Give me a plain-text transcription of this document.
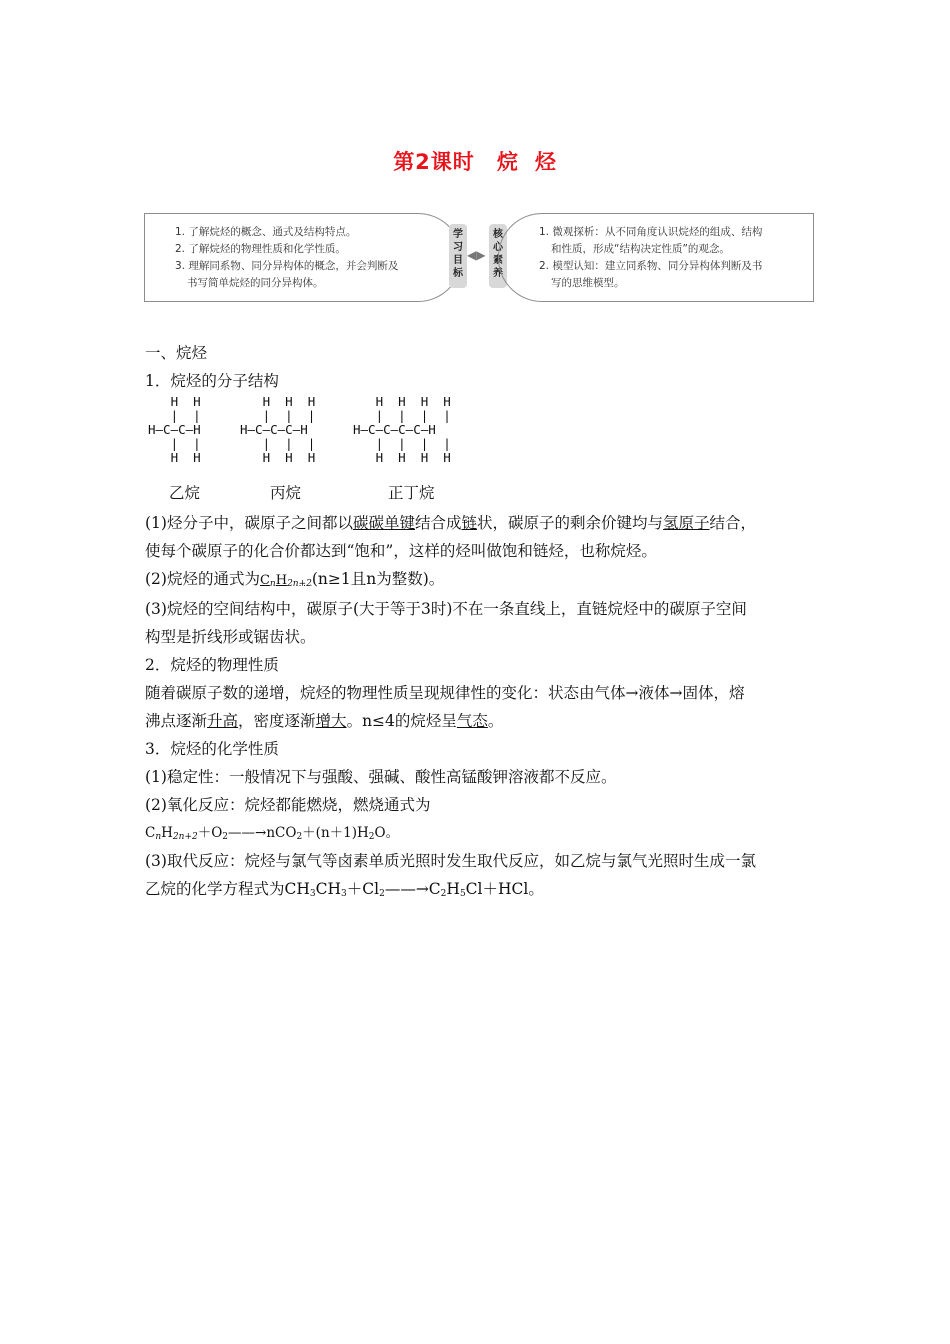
第2课时 烷 烃
1. 了解烷烃的概念、通式及结构特点。
2. 了解烷烃的物理性质和化学性质。
3. 理解同系物、同分异构体的概念，并会判断及
书写简单烷烃的同分异构体。
学习目标
◀▶
核心素养
1. 微观探析：从不同角度认识烷烃的组成、结构
和性质，形成“结构决定性质”的观念。
2. 模型认知：建立同系物、同分异构体判断及书
写的思维模型。

一、烷烃

1．烷烃的分子结构

H  H
|  |
H—C—C—H
|  |
H  H
H  H  H
|  |  |
H—C—C—C—H
|  |  |
H  H  H
H  H  H  H
|  |  |  |
H—C—C—C—C—H
|  |  |  |
H  H  H  H
乙烷	丙烷	正丁烷

(1)烃分子中，碳原子之间都以碳碳单键结合成链状，碳原子的剩余价键均与氢原子结合，

使每个碳原子的化合价都达到“饱和”，这样的烃叫做饱和链烃，也称烷烃。

(2)烷烃的通式为$C_nH_{2n+2}(n\ge 1$且n为整数)。

(3)烷烃的空间结构中，碳原子(大于等于3时)不在一条直线上，直链烷烃中的碳原子空间

构型是折线形或锯齿状。

2．烷烃的物理性质

随着碳原子数的递增，烷烃的物理性质呈现规律性的变化：状态由气体→液体→固体，熔

沸点逐渐升高，密度逐渐增大。n≤4的烷烃呈气态。

3．烷烃的化学性质

(1)稳定性：一般情况下与强酸、强碱、酸性高锰酸钾溶液都不反应。

(2)氧化反应：烷烃都能燃烧，燃烧通式为

$C_nH_{2n+2}+O_2——\to nCO_2+(n+1)H_2O$。

(3)取代反应：烷烃与氯气等卤素单质光照时发生取代反应，如乙烷与氯气光照时生成一氯

乙烷的化学方程式为$CH_3CH_3+Cl_2——\to C_2H_5Cl+HCl$。
